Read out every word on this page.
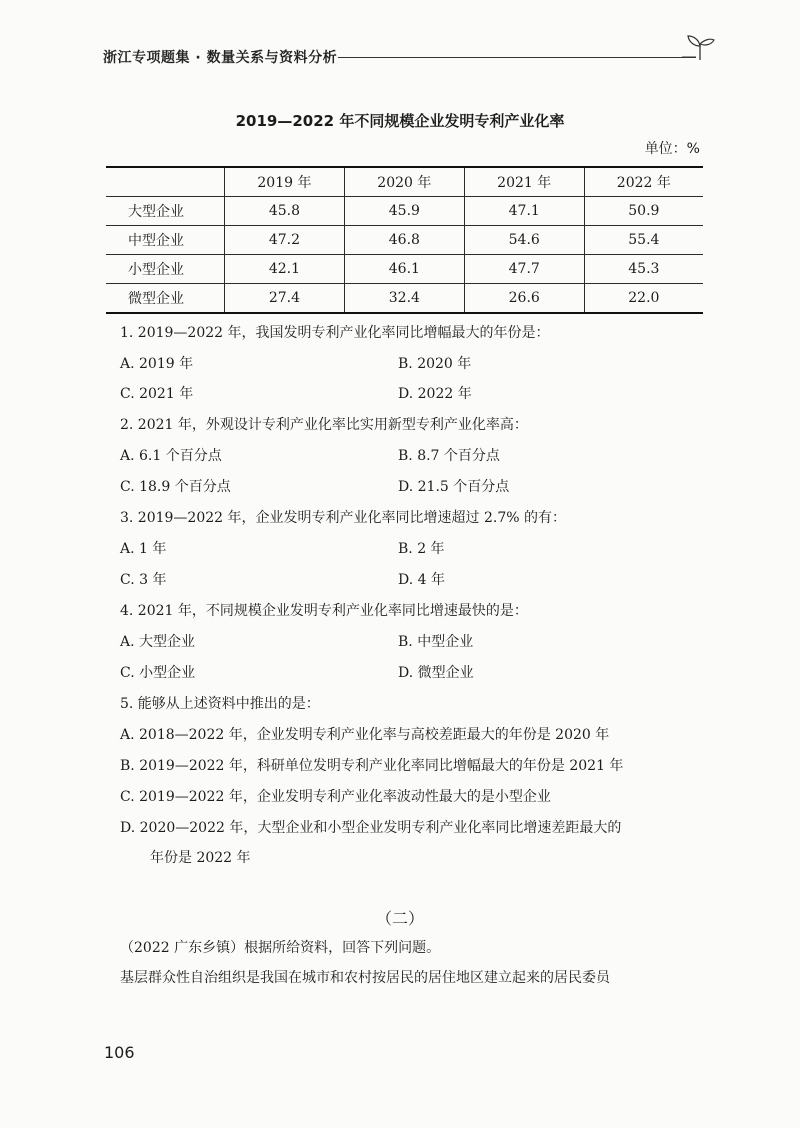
浙江专项题集 · 数量关系与资料分析
2019—2022 年不同规模企业发明专利产业化率
单位：%
	2019 年	2020 年	2021 年	2022 年
大型企业	45.8	45.9	47.1	50.9
中型企业	47.2	46.8	54.6	55.4
小型企业	42.1	46.1	47.7	45.3
微型企业	27.4	32.4	26.6	22.0
1. 2019—2022 年，我国发明专利产业化率同比增幅最大的年份是：
A. 2019 年	B. 2020 年
C. 2021 年	D. 2022 年
2. 2021 年，外观设计专利产业化率比实用新型专利产业化率高：
A. 6.1 个百分点	B. 8.7 个百分点
C. 18.9 个百分点	D. 21.5 个百分点
3. 2019—2022 年，企业发明专利产业化率同比增速超过 2.7% 的有：
A. 1 年	B. 2 年
C. 3 年	D. 4 年
4. 2021 年，不同规模企业发明专利产业化率同比增速最快的是：
A. 大型企业	B. 中型企业
C. 小型企业	D. 微型企业
5. 能够从上述资料中推出的是：
A. 2018—2022 年，企业发明专利产业化率与高校差距最大的年份是 2020 年
B. 2019—2022 年，科研单位发明专利产业化率同比增幅最大的年份是 2021 年
C. 2019—2022 年，企业发明专利产业化率波动性最大的是小型企业
D. 2020—2022 年，大型企业和小型企业发明专利产业化率同比增速差距最大的
年份是 2022 年
（二）
（2022 广东乡镇）根据所给资料，回答下列问题。
基层群众性自治组织是我国在城市和农村按居民的居住地区建立起来的居民委员
106
